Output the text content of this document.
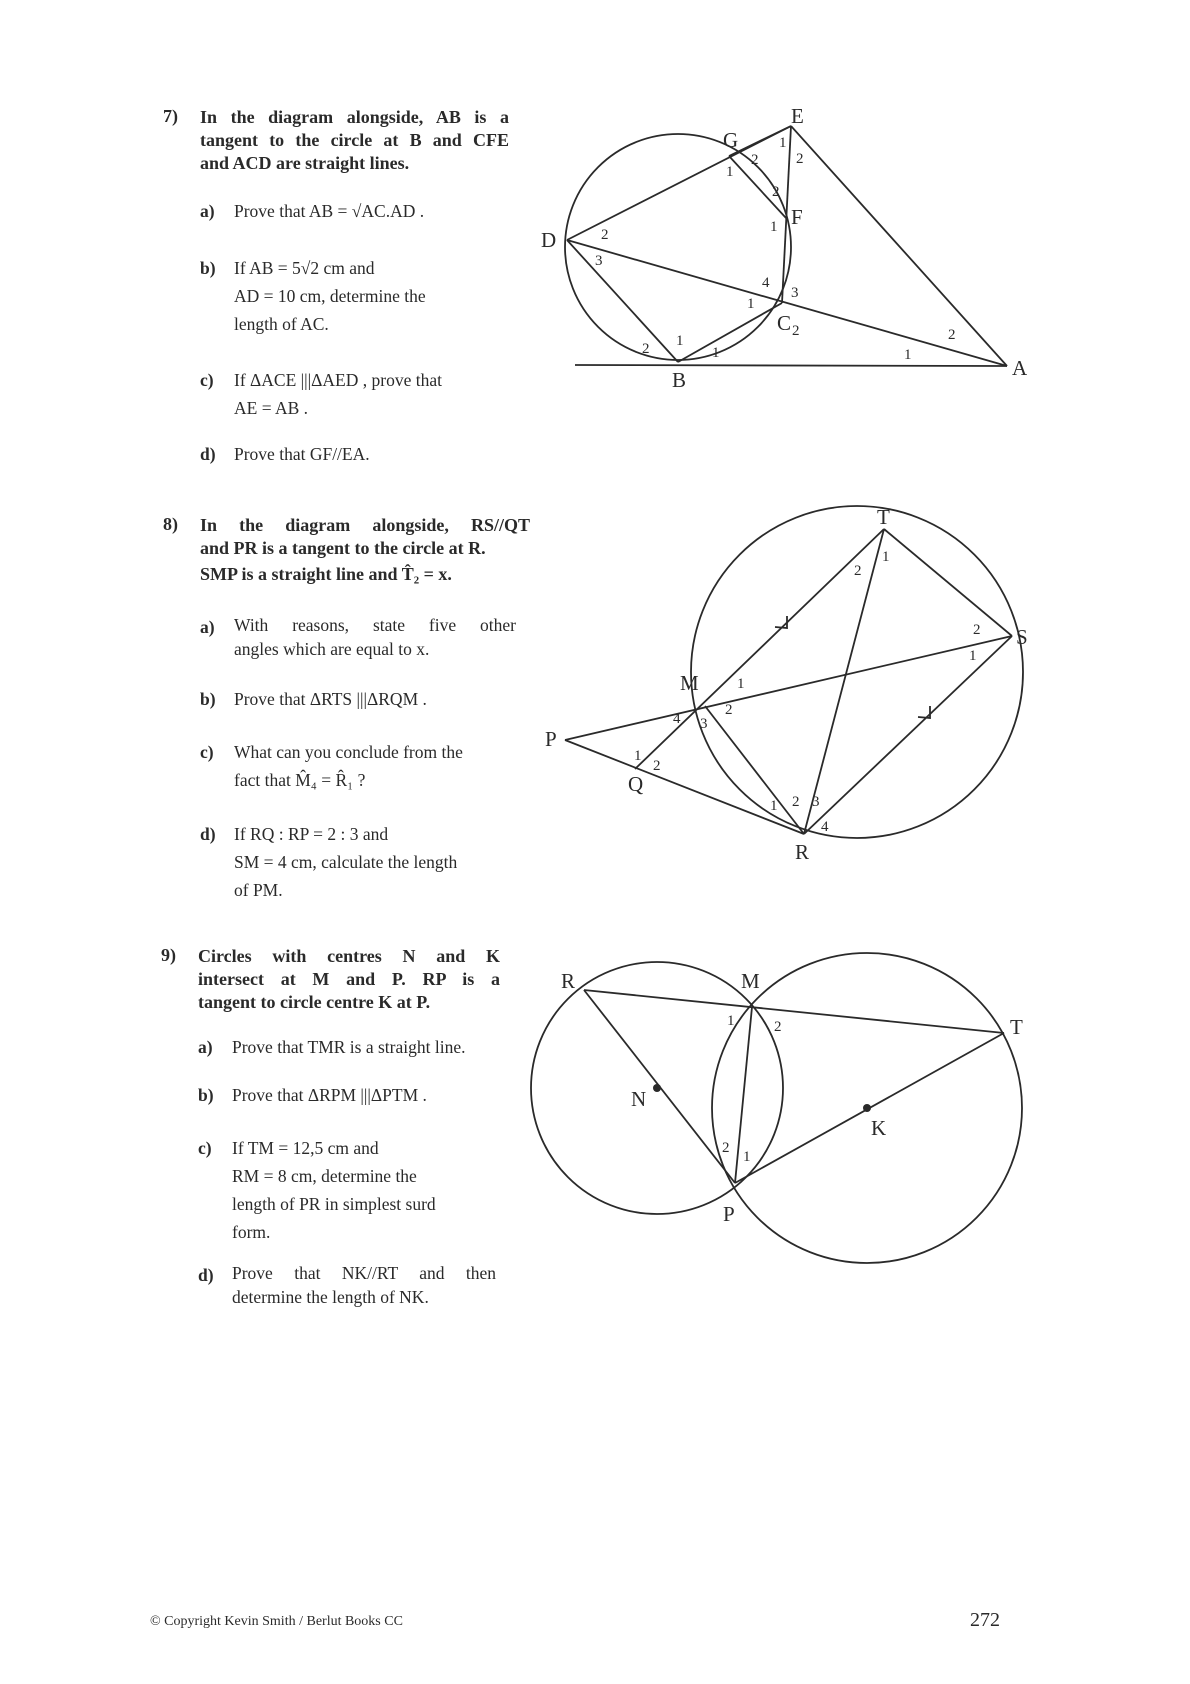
7) In the diagram alongside, AB is a
tangent to the circle at B and CFE
and ACD are straight lines.
a) Prove that AB = √AC.AD .
b) If AB = 5√2 cm and
AD = 10 cm, determine the
length of AC.
c) If ΔACE |||ΔAED , prove that
AE = AB .
d) Prove that GF//EA.
8) In the diagram alongside, RS//QT
and PR is a tangent to the circle at R.
SMP is a straight line and T̂₂ = x.
a) With reasons, state five other
angles which are equal to x.
b) Prove that ΔRTS |||ΔRQM .
c) What can you conclude from the
fact that M̂₄ = R̂₁ ?
d) If RQ : RP = 2 : 3 and
SM = 4 cm, calculate the length
of PM.
9) Circles with centres N and K
intersect at M and P. RP is a
tangent to circle centre K at P.
a) Prove that TMR is a straight line.
b) Prove that ΔRPM |||ΔPTM .
c) If TM = 12,5 cm and
RM = 8 cm, determine the
length of PR in simplest surd
form.
d) Prove that NK//RT and then
determine the length of NK.
E
G
D
F
C 2
B	A
1
2
2
1
2
1
4
3
1
2
3
2 1
1
2
1
T
S
M
P
Q
R
2
1
2
1
1
2
4 3
1
2
1 2 3
4
R	M
T
N
K
P
1	2
2
1
© Copyright Kevin Smith / Berlut Books CC	272
